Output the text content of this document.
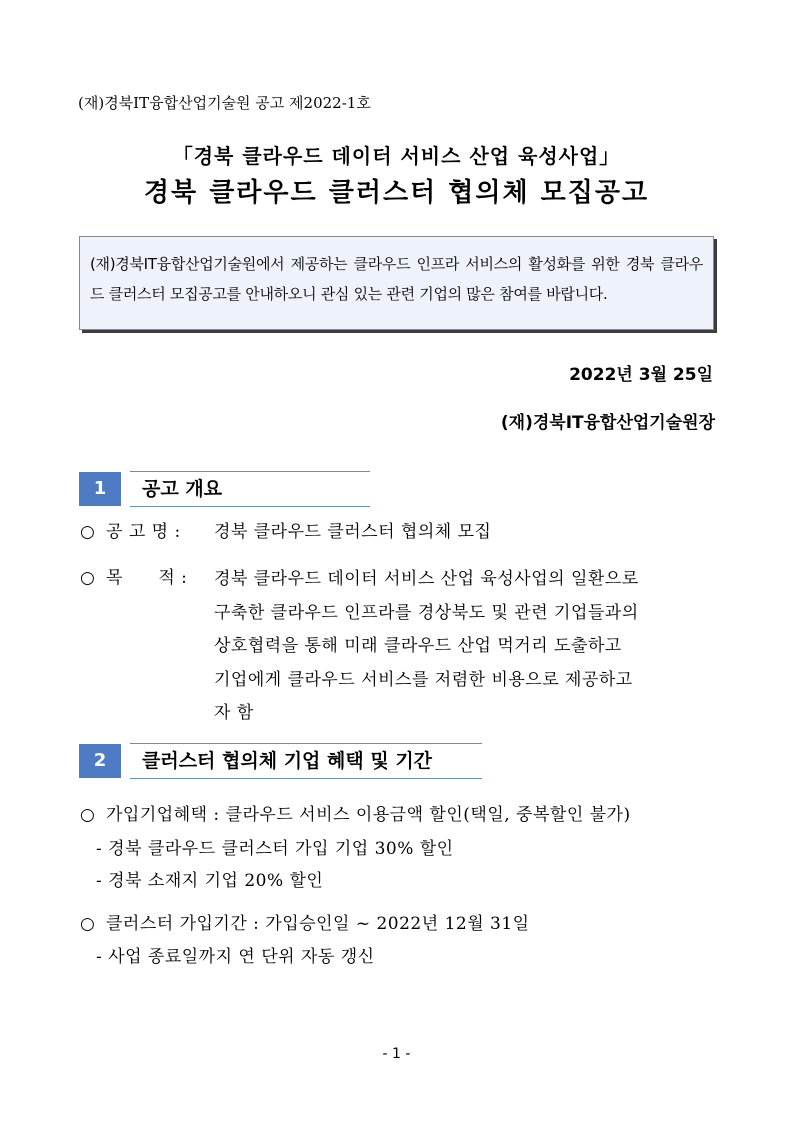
(재)경북IT융합산업기술원 공고 제2022-1호
「경북 클라우드 데이터 서비스 산업 육성사업」
경북 클라우드 클러스터 협의체 모집공고
(재)경북IT융합산업기술원에서 제공하는 클라우드 인프라 서비스의 활성화를 위한 경북 클라우드 클러스터 모집공고를 안내하오니 관심 있는 관련 기업의 많은 참여를 바랍니다.
2022년 3월 25일
(재)경북IT융합산업기술원장
1	공고 개요
○ 공 고 명 : 경북 클라우드 클러스터 협의체 모집
○ 목      적 : 경북 클라우드 데이터 서비스 산업 육성사업의 일환으로
구축한 클라우드 인프라를 경상북도 및 관련 기업들과의
상호협력을 통해 미래 클라우드 산업 먹거리 도출하고
기업에게 클라우드 서비스를 저렴한 비용으로 제공하고
자 함
2	클러스터 협의체 기업 혜택 및 기간
○ 가입기업혜택 : 클라우드 서비스 이용금액 할인(택일, 중복할인 불가)
- 경북 클라우드 클러스터 가입 기업 30% 할인
- 경북 소재지 기업 20% 할인
○ 클러스터 가입기간 : 가입승인일 ~ 2022년 12월 31일
- 사업 종료일까지 연 단위 자동 갱신
- 1 -
